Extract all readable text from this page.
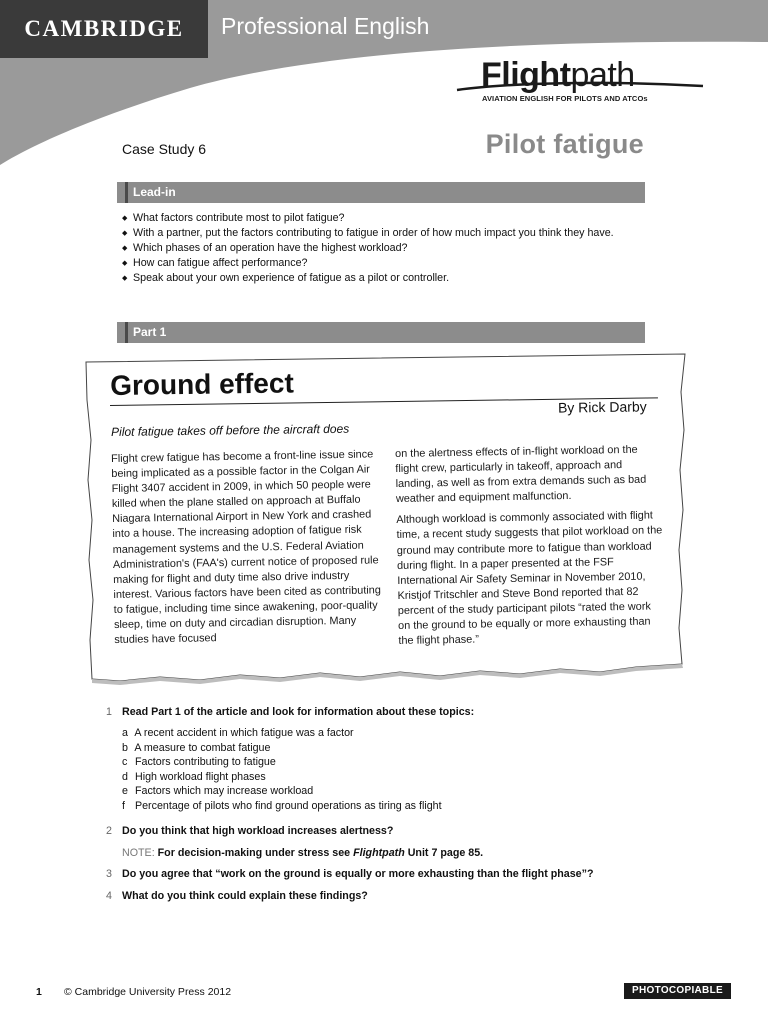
CAMBRIDGE Professional English
Flightpath
AVIATION ENGLISH FOR PILOTS AND ATCOs
Case Study 6	Pilot fatigue
Lead-in
◆ What factors contribute most to pilot fatigue?
◆ With a partner, put the factors contributing to fatigue in order of how much impact you think they have.
◆ Which phases of an operation have the highest workload?
◆ How can fatigue affect performance?
◆ Speak about your own experience of fatigue as a pilot or controller.
Part 1
Ground effect
By Rick Darby
Pilot fatigue takes off before the aircraft does

Flight crew fatigue has become a front-line issue since being implicated as a possible factor in the Colgan Air Flight 3407 accident in 2009, in which 50 people were killed when the plane stalled on approach at Buffalo Niagara International Airport in New York and crashed into a house. The increasing adoption of fatigue risk management systems and the U.S. Federal Aviation Administration's (FAA's) current notice of proposed rule making for flight and duty time also drive industry interest. Various factors have been cited as contributing to fatigue, including time since awakening, poor-quality sleep, time on duty and circadian disruption. Many studies have focused

on the alertness effects of in-flight workload on the flight crew, particularly in takeoff, approach and landing, as well as from extra demands such as bad weather and equipment malfunction.

Although workload is commonly associated with flight time, a recent study suggests that pilot workload on the ground may contribute more to fatigue than workload during flight. In a paper presented at the FSF International Air Safety Seminar in November 2010, Kristjof Tritschler and Steve Bond reported that 82 percent of the study participant pilots “rated the work on the ground to be equally or more exhausting than the flight phase.”

1 Read Part 1 of the article and look for information about these topics:
a A recent accident in which fatigue was a factor
b A measure to combat fatigue
c Factors contributing to fatigue
d High workload flight phases
e Factors which may increase workload
f Percentage of pilots who find ground operations as tiring as flight
2 Do you think that high workload increases alertness?
NOTE: For decision-making under stress see Flightpath Unit 7 page 85.
3 Do you agree that “work on the ground is equally or more exhausting than the flight phase”?
4 What do you think could explain these findings?
1 © Cambridge University Press 2012	PHOTOCOPIABLE
